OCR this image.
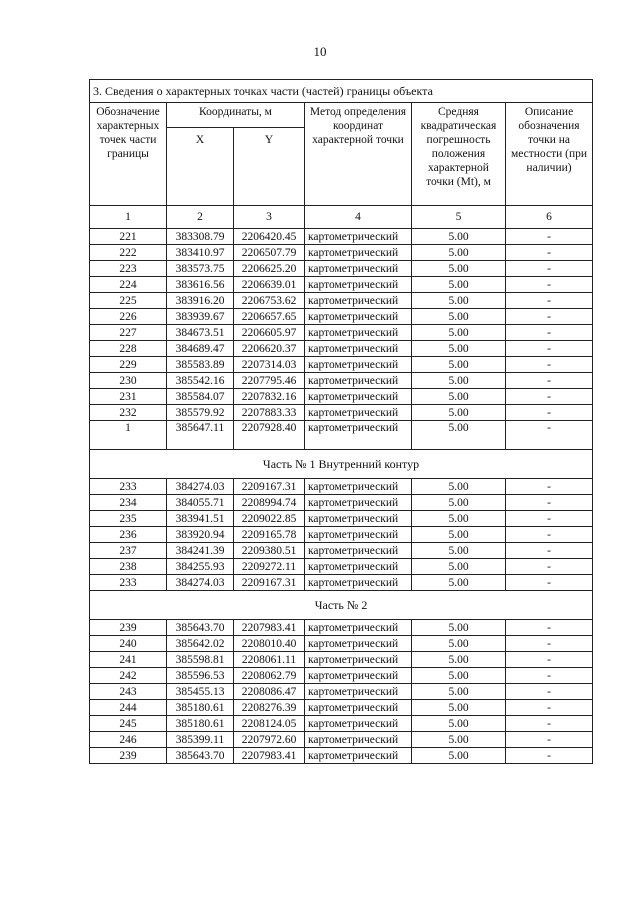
10
3. Сведения о характерных точках части (частей) границы объекта					
Обозначение характерных точек части границы	Координаты, м		Метод определения координат характерной точки	Средняя квадратическая погрешность положения характерной точки (Mt), м	Описание обозначения точки на местности (при наличии)
	X	Y			
1	2	3	4	5	6
221	383308.79	2206420.45	картометрический	5.00	-
222	383410.97	2206507.79	картометрический	5.00	-
223	383573.75	2206625.20	картометрический	5.00	-
224	383616.56	2206639.01	картометрический	5.00	-
225	383916.20	2206753.62	картометрический	5.00	-
226	383939.67	2206657.65	картометрический	5.00	-
227	384673.51	2206605.97	картометрический	5.00	-
228	384689.47	2206620.37	картометрический	5.00	-
229	385583.89	2207314.03	картометрический	5.00	-
230	385542.16	2207795.46	картометрический	5.00	-
231	385584.07	2207832.16	картометрический	5.00	-
232	385579.92	2207883.33	картометрический	5.00	-
1	385647.11	2207928.40	картометрический	5.00	-
Часть № 1 Внутренний контур					
233	384274.03	2209167.31	картометрический	5.00	-
234	384055.71	2208994.74	картометрический	5.00	-
235	383941.51	2209022.85	картометрический	5.00	-
236	383920.94	2209165.78	картометрический	5.00	-
237	384241.39	2209380.51	картометрический	5.00	-
238	384255.93	2209272.11	картометрический	5.00	-
233	384274.03	2209167.31	картометрический	5.00	-
Часть № 2					
239	385643.70	2207983.41	картометрический	5.00	-
240	385642.02	2208010.40	картометрический	5.00	-
241	385598.81	2208061.11	картометрический	5.00	-
242	385596.53	2208062.79	картометрический	5.00	-
243	385455.13	2208086.47	картометрический	5.00	-
244	385180.61	2208276.39	картометрический	5.00	-
245	385180.61	2208124.05	картометрический	5.00	-
246	385399.11	2207972.60	картометрический	5.00	-
239	385643.70	2207983.41	картометрический	5.00	-
